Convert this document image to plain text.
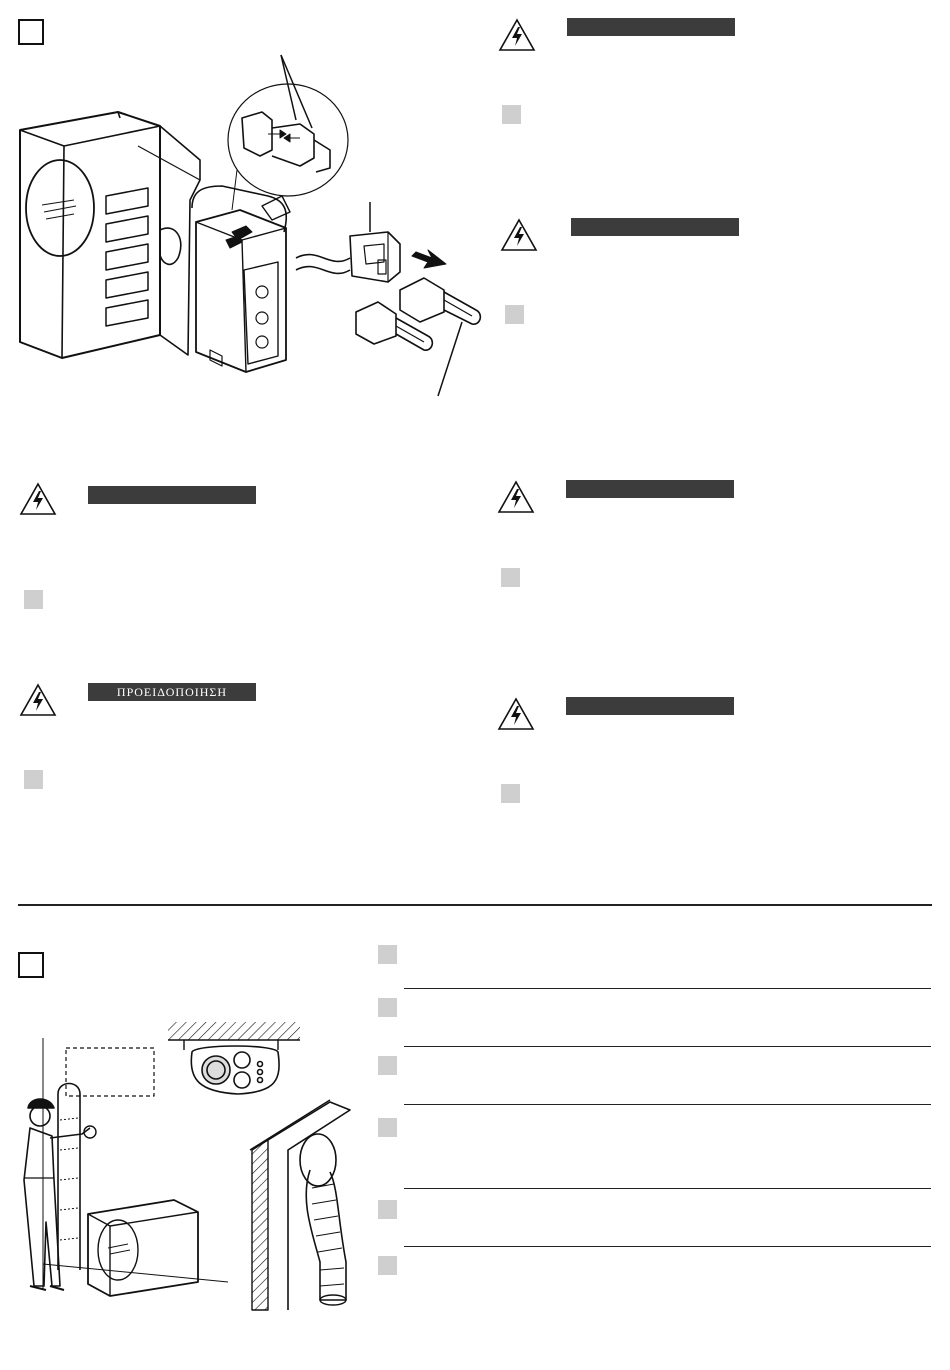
ΠΡΟΕΙΔΟΠΟΙΗΣΗ
